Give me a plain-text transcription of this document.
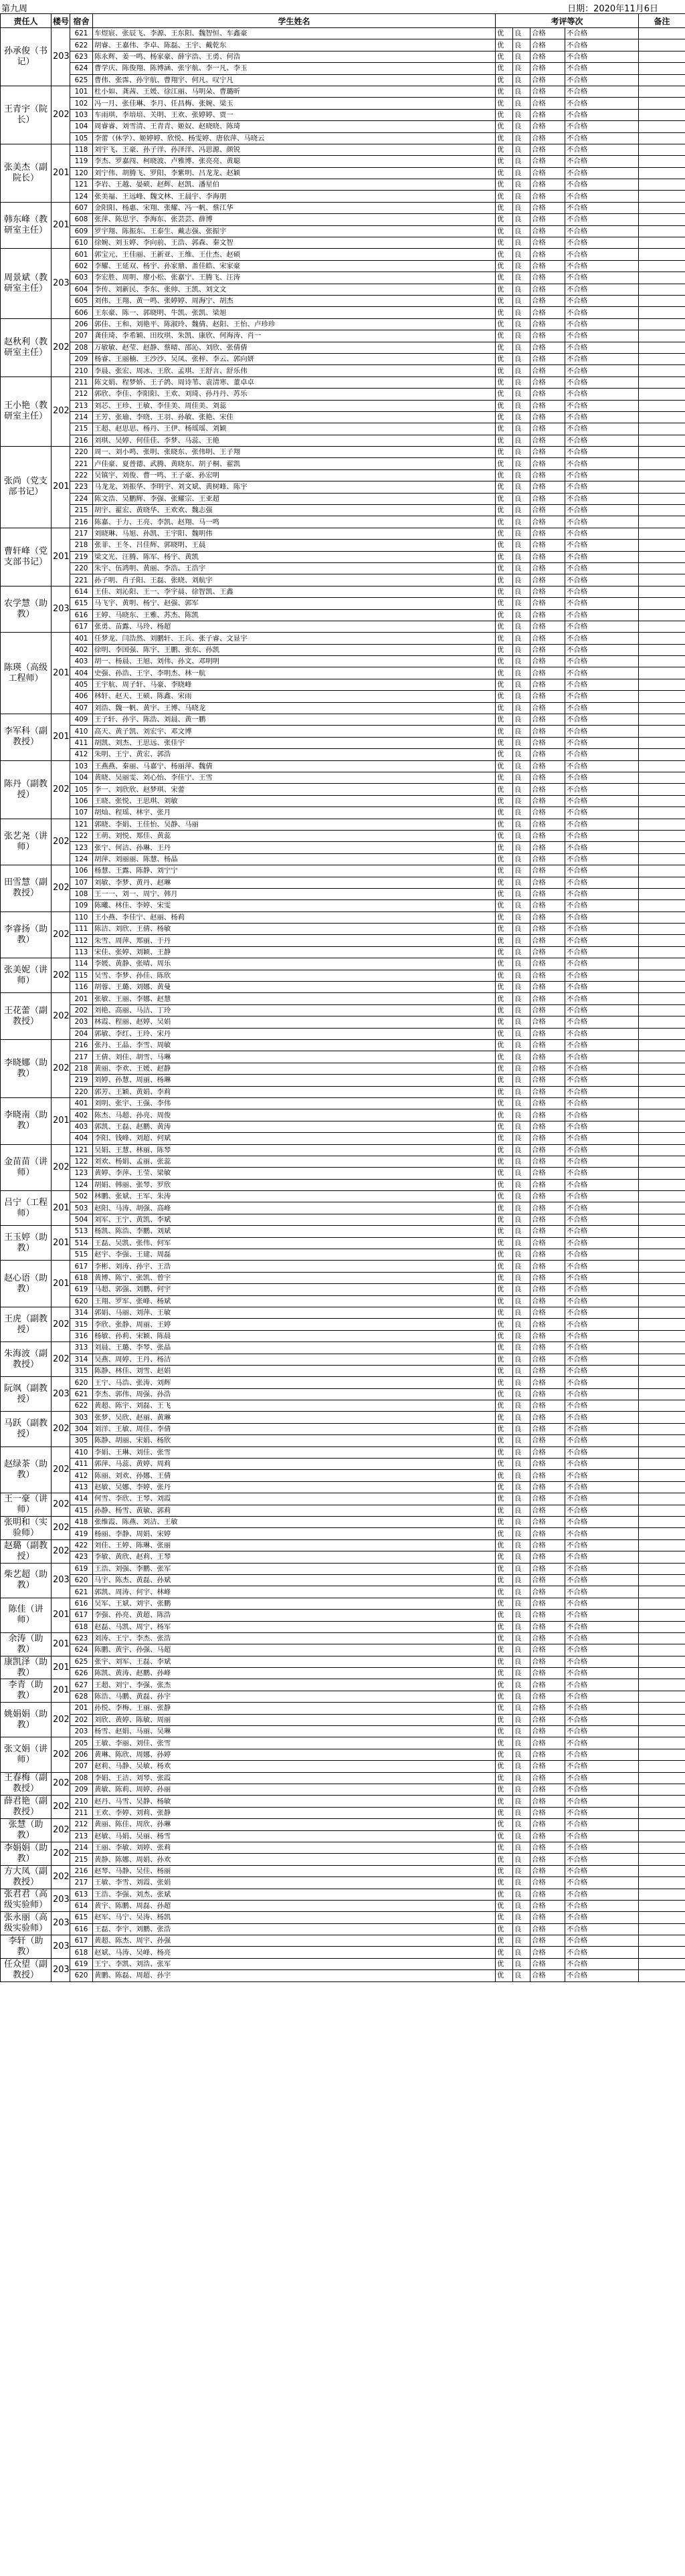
第九周	日期：2020年11月6日
责任人	楼号	宿舍	学生姓名	考评等次				备注
孙承俊（书记）	203	621	车煜宸、张辰飞、李源、王东阳、魏智恒、车鑫豪	优	良	合格	不合格	
		622	胡睿、王嘉伟、李卓、陈磊、王宇、戴乾东	优	良	合格	不合格	
		623	陈永辉、姜一鸣、杨家豪、薛宇浩、王勇、何浩	优	良	合格	不合格	
		624	曹学庆、陈俊翔、陈博涵、张宇航、李一凡、李玉	优	良	合格	不合格	
		625	曹伟、张霈、孙宇航、曹翔宇、何凡、叹宁凡	优	良	合格	不合格	
王青宇（院长）	202	101	杜小如、龚茜、王媛、徐江丽、马明朵、曹璐昕	优	良	合格	不合格	
		102	冯一月、张佳琳、李月、任昌梅、张婉、梁玉	优	良	合格	不合格	
		103	车雨琪、李培培、关明、王欢、张婷婷、贾一	优	良	合格	不合格	
		104	周睿睿、刘雪清、王青青、姬奴、赵晓晓、陈琦	优	良	合格	不合格	
		105	李蕾（休学）、姬婷婷、欣悦、杨雯婷、唐依萍、马晓云	优	良	合格	不合格	
张美杰（副院长）	201	118	刘宇飞、王豪、孙子洋、孙泽洋、冯思源、颜锐	优	良	合格	不合格	
		119	李杰、罗嘉闯、柯晓波、卢雅博、张亮亮、黄聪	优	良	合格	不合格	
		120	刘宁伟、胡腾飞、罗阳、李紫明、吕龙龙、赵颖	优	良	合格	不合格	
		121	李岩、王越、晏硕、赵辉、赵凯、潘星伯	优	良	合格	不合格	
		124	张美福、王远峰、魏文林、王晨宇、李海朋	优	良	合格	不合格	
韩东峰（教研室主任）	201	607	金阳阳、杨惠、宋翔、张耀、冯一帆、蔡江华	优	良	合格	不合格	
		608	张萍、陈思宇、李海东、张芸芸、薛博	优	良	合格	不合格	
		609	罗宇翔、陈振东、王泰生、戴志强、张振宇	优	良	合格	不合格	
		610	徐婉、刘玉婷、李向前、王浩、郭森、秦文智	优	良	合格	不合格	
周景斌（教研室主任）	203	601	郭宝元、王佳丽、王新亚、王维、王仕杰、赵硕	优	良	合格	不合格	
		602	李耀、王延双、杨宇、孙家鼎、盖佳皓、宋家豪	优	良	合格	不合格	
		603	李宏胜、周明、廖小松、张嘉宁、王腾飞、汪涛	优	良	合格	不合格	
		604	李传、刘新民、李东、张帅、王凯、刘文文	优	良	合格	不合格	
		605	刘伟、王翔、黄一鸣、张婷婷、周海宁、胡杰	优	良	合格	不合格	
		606	王东豪、陈一、郭晓明、牛凯、张凯、梁旭	优	良	合格	不合格	
赵秋利（教研室主任）	202	206	郭佳、王和、刘艳平、陈淑玲、魏倩、赵阳、王怡、卢珍珍	优	良	合格	不合格	
		207	龚佳琦、李希颖、田玫琪、朱凯、康欣、何海涛、肖一	优	良	合格	不合格	
		208	万敏敏、赵莹、赵静、蔡晴、邵沁、刘欣、张倩倩	优	良	合格	不合格	
		209	杨睿、王丽楠、王沙沙、吴凤、张梓、李云、郭向妍	优	良	合格	不合格	
		210	李晨、张宏、周冰、王欣、孟琪、王舒言、舒乐伟	优	良	合格	不合格	
王小艳（教研室主任）	202	211	陈文娟、程梦娇、王子鸽、周诗苇、袁清寒、董卓卓	优	良	合格	不合格	
		212	郭欣、李佳、李阳阳、王欢、刘琦、孙丹丹、苏乐	优	良	合格	不合格	
		213	刘芯、王珍、王敏、李佳美、周佳美、刘蕊	优	良	合格	不合格	
		214	王芳、张瑜、李晓、王羽、孙敏、张艳、宋佳	优	良	合格	不合格	
		215	王超、赵思思、杨丹、王伊、杨瑶瑶、刘颖	优	良	合格	不合格	
		216	刘琪、吴婷、何佳佳、李梦、马蕊、王艳	优	良	合格	不合格	
张尚（党支部书记）	201	220	周一、刘小鸣、张明、张晓东、张伟明、王子翔	优	良	合格	不合格	
		221	卢佳豪、夏普德、武腾、黄晓东、胡子桐、翟凯	优	良	合格	不合格	
		222	吴镇宇、刘俊、曹一鸣、王子豪、孙宏明	优	良	合格	不合格	
		223	马龙龙、刘振华、李明宇、刘文斌、黄树峰、陈宇	优	良	合格	不合格	
		224	陈文浩、吴鹏辉、李强、张耀宗、王亚超	优	良	合格	不合格	
		215	胡宇、翟宏、黄晓华、王欢欢、魏志强	优	良	合格	不合格	
		216	陈嘉、于力、王亮、李凯、赵翔、马一鸣	优	良	合格	不合格	
曹轩峰（党支部书记）	201	217	刘晓琳、马旭、孙凯、王宇阳、魏明伟	优	良	合格	不合格	
		218	张菲、王冬、吕佳辉、郭晓明、王晨	优	良	合格	不合格	
		219	梁文光、汪腾、陈军、杨宇、黄凯	优	良	合格	不合格	
		220	朱宇、伍鸿明、黄丽、李浩、王浩宇	优	良	合格	不合格	
		221	孙子明、肖子阳、王磊、张晓、刘航宇	优	良	合格	不合格	
农学慧（助教）	203	614	王佳、刘沁阳、王一、李宇晨、徐智凯、王鑫	优	良	合格	不合格	
		615	马飞宇、黄明、杨宁、赵强、郭军	优	良	合格	不合格	
		616	王婷、马晓东、王雅、苏杰、陈凯	优	良	合格	不合格	
		617	张勇、苗露、马玲、杨超	优	良	合格	不合格	
陈瑛（高级工程师）	201	401	任梦龙、闫浩然、刘鹏轩、王兵、张子睿、文显宇	优	良	合格	不合格	
		402	徐明、李国强、陈宇、王鹏、张东、孙凯	优	良	合格	不合格	
		403	胡一、杨晨、王旭、刘伟、孙文、邓明明	优	良	合格	不合格	
		404	史强、孙浩、王宇、李明杰、林一航	优	良	合格	不合格	
		405	王宇航、周子轩、马豪、李晓峰	优	良	合格	不合格	
		406	林轩、赵天、王硕、陈鑫、宋雨	优	良	合格	不合格	
		407	刘浩、魏一帆、黄宇、王博、马晓龙	优	良	合格	不合格	
李军科（副教授）	201	409	王子轩、孙宇、陈浩、刘晨、黄一鹏	优	良	合格	不合格	
		410	高天、黄子凯、刘宏宇、邓文博	优	良	合格	不合格	
		411	胡凯、刘杰、王思远、张佳宇	优	良	合格	不合格	
		412	朱明、王宁、黄宏、郭浩	优	良	合格	不合格	
陈丹（副教授）	202	103	王燕燕、秦丽、马嘉宁、杨丽萍、魏倩	优	良	合格	不合格	
		104	黄晓、吴丽雯、刘心怡、李佳宁、王雪	优	良	合格	不合格	
		105	李一、刘欣欣、赵梦琪、宋蕾	优	良	合格	不合格	
		106	王晓、张悦、王思琪、刘敏	优	良	合格	不合格	
		107	胡灿、程瑶、林宇、张月	优	良	合格	不合格	
张艺尧（讲师）	202	121	郭晓、李娟、王佳怡、吴静、马丽	优	良	合格	不合格	
		122	王萌、刘悦、郑佳、黄蕊	优	良	合格	不合格	
		123	张宁、何洁、孙琳、王丹	优	良	合格	不合格	
		124	胡萍、刘丽丽、陈慧、杨晶	优	良	合格	不合格	
田雪慧（副教授）	202	106	杨慧、王露、陈静、刘宁宁	优	良	合格	不合格	
		107	刘敏、李梦、黄丹、赵琳	优	良	合格	不合格	
		108	王一一、刘一、周宁、韩月	优	良	合格	不合格	
		109	陈曦、林佳、李婷、宋雯	优	良	合格	不合格	
李睿扬（助教）	202	110	王小燕、李佳宁、赵丽、杨莉	优	良	合格	不合格	
		111	陈洁、刘欣、王倩、杨敏	优	良	合格	不合格	
		112	朱雪、周萍、郑丽、于丹	优	良	合格	不合格	
		113	宋佳、张婷、刘颖、王静	优	良	合格	不合格	
张美妮（讲师）	202	114	李媛、黄静、张晴、周乐	优	良	合格	不合格	
		115	吴雪、李梦、孙佳、陈欣	优	良	合格	不合格	
		116	胡蓉、王璐、刘娜、黄曼	优	良	合格	不合格	
王花蕾（副教授）	202	201	张敏、王丽、李娜、赵慧	优	良	合格	不合格	
		202	刘艳、高丽、马洁、丁玲	优	良	合格	不合格	
		203	林霞、程丽、赵婷、吴娟	优	良	合格	不合格	
		204	郭敏、李红、王玲、宋丹	优	良	合格	不合格	
李晓娜（助教）	202	216	张丹、王晶、李雪、周敏	优	良	合格	不合格	
		217	王倩、刘佳、胡雪、马琳	优	良	合格	不合格	
		218	黄丽、李欢、王媛、赵静	优	良	合格	不合格	
		219	刘婷、孙慧、周丽、杨琳	优	良	合格	不合格	
		220	郭芳、王颖、黄娟、李莉	优	良	合格	不合格	
李晓南（助教）	201	401	刘明、张宇、王强、李伟	优	良	合格	不合格	
		402	陈杰、马超、孙亮、周俊	优	良	合格	不合格	
		403	郭凯、王磊、赵鹏、黄涛	优	良	合格	不合格	
		404	李阳、钱峰、刘超、何斌	优	良	合格	不合格	
金苗苗（讲师）	202	121	吴娟、王慧、林丽、陈琴	优	良	合格	不合格	
		122	刘欢、杨娟、孟丽、张蕊	优	良	合格	不合格	
		123	黄婷、李萍、王莹、梁敏	优	良	合格	不合格	
		124	胡娟、韩丽、张琴、罗欣	优	良	合格	不合格	
吕宁（工程师）	201	502	林鹏、张斌、王军、朱涛	优	良	合格	不合格	
		503	赵阳、马涛、胡强、高峰	优	良	合格	不合格	
		504	刘军、王宁、黄凯、李斌	优	良	合格	不合格	
王玉婷（助教）	201	513	杨凯、陈浩、李鹏、刘斌	优	良	合格	不合格	
		514	王磊、吴凯、张伟、何军	优	良	合格	不合格	
		515	赵宇、李强、王建、周磊	优	良	合格	不合格	
赵心语（助教）	201	617	李彬、刘涛、孙宇、王浩	优	良	合格	不合格	
		618	黄博、陈宁、张凯、曾宇	优	良	合格	不合格	
		619	马超、郭强、刘鹏、何宇	优	良	合格	不合格	
		620	王翔、罗军、张峰、杨斌	优	良	合格	不合格	
王虎（副教授）	202	314	郭娟、马丽、刘萍、王敏	优	良	合格	不合格	
		315	李欣、张静、周丽、王婷	优	良	合格	不合格	
		316	杨敏、孙莉、宋颖、陈晨	优	良	合格	不合格	
朱海波（副教授）	202	313	刘晨、王璐、李琴、张晶	优	良	合格	不合格	
		314	吴燕、周婷、王丹、杨洁	优	良	合格	不合格	
		315	陈静、林佳、刘雪、赵娟	优	良	合格	不合格	
阮飒（副教授）	203	620	王宁、马浩、张涛、刘辉	优	良	合格	不合格	
		621	李杰、郭伟、周强、孙浩	优	良	合格	不合格	
		622	黄超、陈宇、刘磊、王飞	优	良	合格	不合格	
马跃（副教授）	202	303	张梦、吴欣、赵丽、黄琳	优	良	合格	不合格	
		304	刘洋、王敏、周佳、李倩	优	良	合格	不合格	
		305	陈静、胡丽、宋娟、杨欣	优	良	合格	不合格	
赵绿茶（助教）	202	410	李娟、王琳、刘佳、张雪	优	良	合格	不合格	
		411	郭萍、马蕊、黄婷、周莉	优	良	合格	不合格	
		412	陈丽、刘欢、孙娜、王倩	优	良	合格	不合格	
		413	赵敏、吴娜、李婷、张丹	优	良	合格	不合格	
王一豪（讲师）	202	414	何雪、李欣、王琴、刘霞	优	良	合格	不合格	
		415	孙静、杨雪、黄敏、郭莉	优	良	合格	不合格	
张明和（实验师）	202	418	张维霞、陈燕、刘洁、王敏	优	良	合格	不合格	
		419	杨丽、李静、周娟、宋婷	优	良	合格	不合格	
赵璐（副教授）	202	422	刘佳、王婷、陈琳、张丽	优	良	合格	不合格	
		423	李敏、黄欣、赵莉、王琴	优	良	合格	不合格	
柴艺超（助教）	203	619	王浩、刘强、李鹏、张军	优	良	合格	不合格	
		620	马宇、陈杰、黄磊、孙斌	优	良	合格	不合格	
		621	郭凯、周涛、何宇、林峰	优	良	合格	不合格	
陈佳（讲师）	201	616	吴军、王斌、刘宇、张鹏	优	良	合格	不合格	
		617	李强、孙亮、黄超、陈浩	优	良	合格	不合格	
		618	赵磊、马凯、周宁、杨军	优	良	合格	不合格	
余涛（助教）	201	623	刘涛、王宁、李杰、张浩	优	良	合格	不合格	
		624	陈鹏、黄宇、孙强、马超	优	良	合格	不合格	
康凯泽（助教）	201	625	张宇、刘军、王磊、李斌	优	良	合格	不合格	
		626	陈凯、黄涛、赵鹏、孙峰	优	良	合格	不合格	
李青（助教）	201	627	王超、刘宁、李强、张杰	优	良	合格	不合格	
		628	陈浩、马鹏、黄磊、孙宇	优	良	合格	不合格	
姚娟娟（助教）	202	201	孙悦、李梅、王丽、张静	优	良	合格	不合格	
		202	刘欣、黄婷、陈敏、周丽	优	良	合格	不合格	
		203	杨雪、赵娟、马丽、吴琳	优	良	合格	不合格	
张文娟（讲师）	202	205	王敏、李丽、刘佳、张雪	优	良	合格	不合格	
		206	黄琳、陈欣、周娜、孙婷	优	良	合格	不合格	
		207	赵莉、马静、吴敏、杨欢	优	良	合格	不合格	
王春梅（副教授）	202	208	李娟、王洁、刘琴、张霞	优	良	合格	不合格	
		209	黄敏、陈莉、周婷、孙丽	优	良	合格	不合格	
薛君艳（副教授）	202	210	赵丹、马雪、吴静、杨敏	优	良	合格	不合格	
		211	王欢、李婷、刘莉、张静	优	良	合格	不合格	
张慧（助教）	202	212	黄丽、陈佳、周欣、孙琳	优	良	合格	不合格	
		213	赵敏、马娟、吴丽、杨雪	优	良	合格	不合格	
李娟娟（助教）	202	214	王丽、李敏、刘婷、张莉	优	良	合格	不合格	
		215	黄静、陈娜、周娟、孙欢	优	良	合格	不合格	
方大凤（副教授）	202	216	赵琴、马静、吴佳、杨丽	优	良	合格	不合格	
		217	王敏、李雪、刘霞、张娟	优	良	合格	不合格	
张君君（高级实验师）	203	613	王浩、李强、刘杰、张斌	优	良	合格	不合格	
		614	黄宇、陈鹏、周磊、孙超	优	良	合格	不合格	
张永丽（高级实验师）	203	615	赵军、马宁、吴涛、杨凯	优	良	合格	不合格	
		616	王磊、李宇、刘鹏、张浩	优	良	合格	不合格	
李轩（助教）	203	617	黄超、陈杰、周宇、孙强	优	良	合格	不合格	
		618	赵斌、马涛、吴峰、杨亮	优	良	合格	不合格	
任众望（副教授）	203	619	王宁、李凯、刘浩、张军	优	良	合格	不合格	
		620	黄鹏、陈磊、周超、孙宇	优	良	合格	不合格	
